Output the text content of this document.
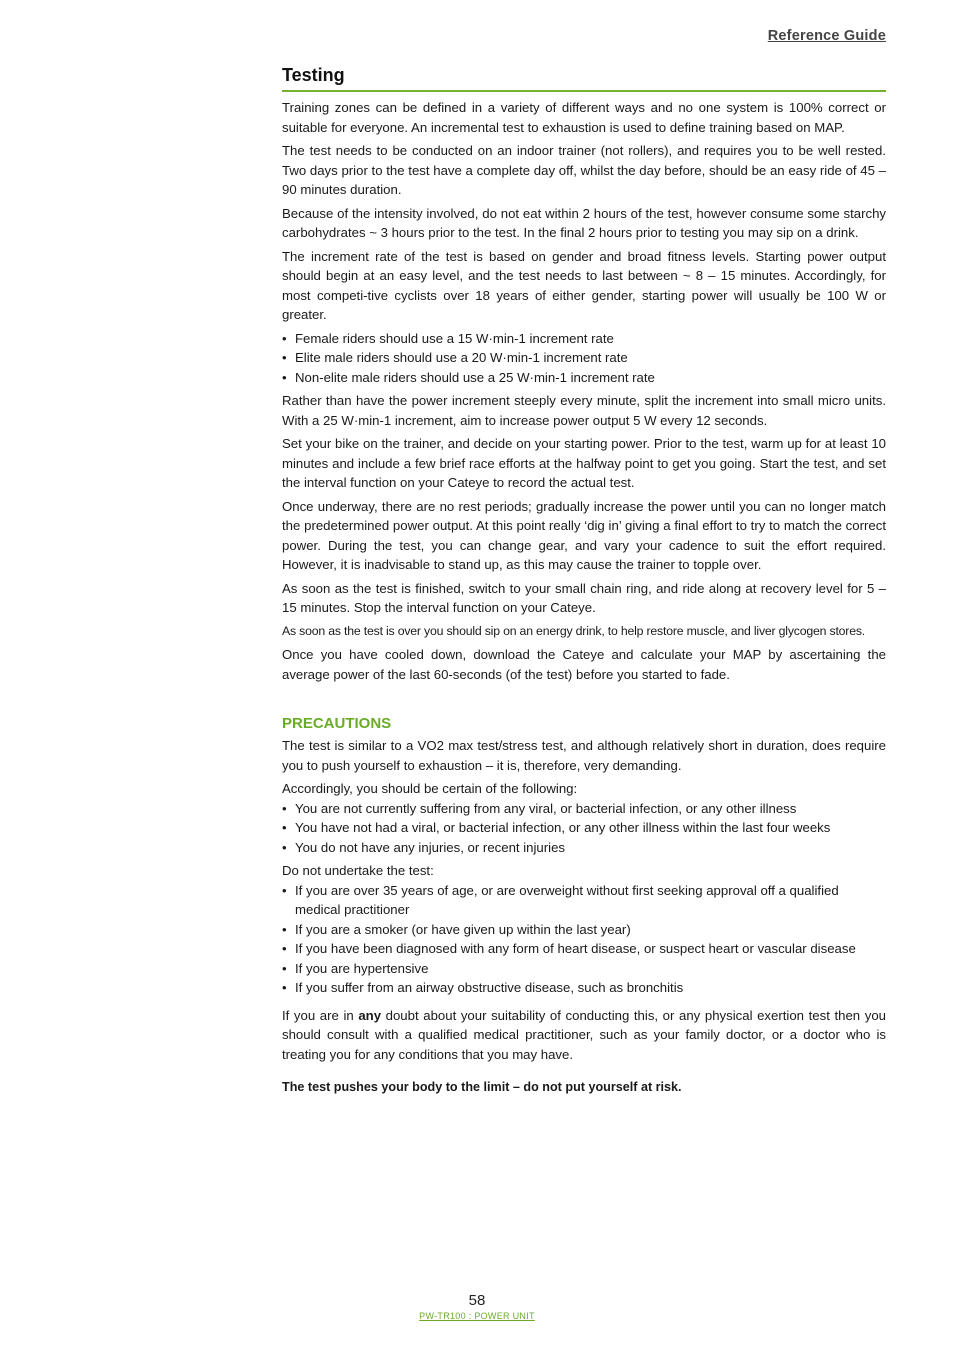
Reference Guide
Testing

Training zones can be defined in a variety of different ways and no one system is 100% correct or suitable for everyone. An incremental test to exhaustion is used to define training based on MAP.

The test needs to be conducted on an indoor trainer (not rollers), and requires you to be well rested. Two days prior to the test have a complete day off, whilst the day before, should be an easy ride of 45 – 90 minutes duration.

Because of the intensity involved, do not eat within 2 hours of the test, however consume some starchy carbohydrates ~ 3 hours prior to the test. In the final 2 hours prior to testing you may sip on a drink.

The increment rate of the test is based on gender and broad fitness levels. Starting power output should begin at an easy level, and the test needs to last between ~ 8 – 15 minutes. Accordingly, for most competi-tive cyclists over 18 years of either gender, starting power will usually be 100 W or greater.

• Female riders should use a 15 W·min-1 increment rate
• Elite male riders should use a 20 W·min-1 increment rate
• Non-elite male riders should use a 25 W·min-1 increment rate

Rather than have the power increment steeply every minute, split the increment into small micro units. With a 25 W·min-1 increment, aim to increase power output 5 W every 12 seconds.

Set your bike on the trainer, and decide on your starting power. Prior to the test, warm up for at least 10 minutes and include a few brief race efforts at the halfway point to get you going. Start the test, and set the interval function on your Cateye to record the actual test.

Once underway, there are no rest periods; gradually increase the power until you can no longer match the predetermined power output. At this point really ‘dig in’ giving a final effort to try to match the correct power. During the test, you can change gear, and vary your cadence to suit the effort required. However, it is inadvisable to stand up, as this may cause the trainer to topple over.

As soon as the test is finished, switch to your small chain ring, and ride along at recovery level for 5 – 15 minutes. Stop the interval function on your Cateye.

As soon as the test is over you should sip on an energy drink, to help restore muscle, and liver glycogen stores.

Once you have cooled down, download the Cateye and calculate your MAP by ascertaining the average power of the last 60-seconds (of the test) before you started to fade.

PRECAUTIONS

The test is similar to a VO2 max test/stress test, and although relatively short in duration, does require you to push yourself to exhaustion – it is, therefore, very demanding.

Accordingly, you should be certain of the following:

• You are not currently suffering from any viral, or bacterial infection, or any other illness
• You have not had a viral, or bacterial infection, or any other illness within the last four weeks
• You do not have any injuries, or recent injuries

Do not undertake the test:

• If you are over 35 years of age, or are overweight without first seeking approval off a qualified medical practitioner
• If you are a smoker (or have given up within the last year)
• If you have been diagnosed with any form of heart disease, or suspect heart or vascular disease
• If you are hypertensive
• If you suffer from an airway obstructive disease, such as bronchitis

If you are in any doubt about your suitability of conducting this, or any physical exertion test then you should consult with a qualified medical practitioner, such as your family doctor, or a doctor who is treating you for any conditions that you may have.

The test pushes your body to the limit – do not put yourself at risk.

58
PW-TR100 : POWER UNIT
